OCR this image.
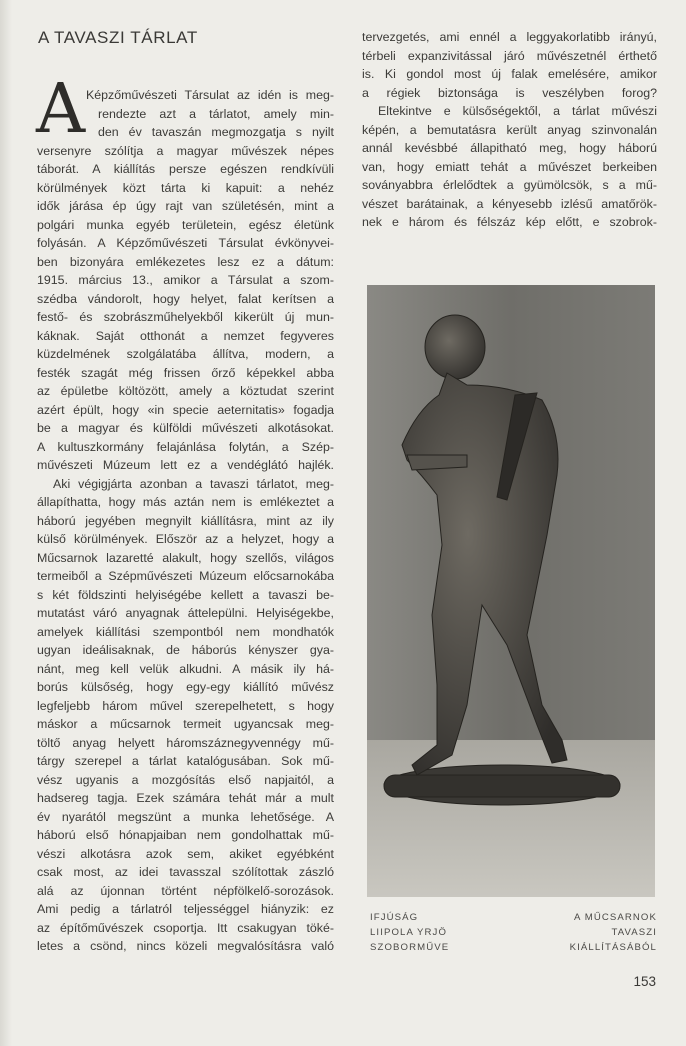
A TAVASZI TÁRLAT
A Képzőművészeti Társulat az idén is meg-
rendezte azt a tárlatot, amely min-
den év tavaszán megmozgatja s nyilt
versenyre szólítja a magyar művészek népes
táborát. A kiállítás persze egészen rendkívüli
körülmények közt tárta ki kapuit: a nehéz
idők járása ép úgy rajt van születésén, mint a
polgári munka egyéb területein, egész életünk
folyásán. A Képzőművészeti Társulat évkönyvei-
ben bizonyára emlékezetes lesz ez a dátum:
1915. március 13., amikor a Társulat a szom-
szédba vándorolt, hogy helyet, falat kerítsen a
festő- és szobrászműhelyekből kikerült új mun-
káknak. Saját otthonát a nemzet fegyveres
küzdelmének szolgálatába állítva, modern, a
festék szagát még frissen őrző képekkel abba
az épületbe költözött, amely a köztudat szerint
azért épült, hogy «in specie aeternitatis» fogadja
be a magyar és külföldi művészeti alkotásokat.
A kultuszkormány felajánlása folytán, a Szép-
művészeti Múzeum lett ez a vendéglátó hajlék.
Aki végigjárta azonban a tavaszi tárlatot, meg-
állapíthatta, hogy más aztán nem is emlékeztet a
háború jegyében megnyilt kiállításra, mint az ily
külső körülmények. Először az a helyzet, hogy a
Műcsarnok lazaretté alakult, hogy szellős, világos
termeiből a Szépművészeti Múzeum előcsarnokába
s két földszinti helyiségébe kellett a tavaszi be-
mutatást váró anyagnak áttelepülni. Helyiségekbe,
amelyek kiállítási szempontból nem mondhatók
ugyan ideálisaknak, de háborús kényszer gya-
nánt, meg kell velük alkudni. A másik ily há-
borús külsőség, hogy egy-egy kiállító művész
legfeljebb három művel szerepelhetett, s hogy
máskor a műcsarnok termeit ugyancsak meg-
töltő anyag helyett háromszáznegyvennégy mű-
tárgy szerepel a tárlat katalógusában. Sok mű-
vész ugyanis a mozgósítás első napjaitól, a
hadsereg tagja. Ezek számára tehát már a mult
év nyarától megszünt a munka lehetősége. A
háború első hónapjaiban nem gondolhattak mű-
vészi alkotásra azok sem, akiket egyébként
csak most, az idei tavasszal szólítottak zászló
alá az újonnan történt népfölkelő-sorozások.
Ami pedig a tárlatról teljességgel hiányzik: ez
az építőművészek csoportja. Itt csakugyan töké-
letes a csönd, nincs közeli megvalósításra való
tervezgetés, ami ennél a leggyakorlatibb irányú,
térbeli expanzivitással járó művészetnél érthető
is. Ki gondol most új falak emelésére, amikor
a régiek biztonsága is veszélyben forog?
Eltekintve e külsőségektől, a tárlat művészi
képén, a bemutatásra került anyag szinvonalán
annál kevésbbé állapitható meg, hogy háború
van, hogy emiatt tehát a művészet berkeiben
soványabbra érlelődtek a gyümölcsök, s a mű-
vészet barátainak, a kényesebb izlésű amatőrök-
nek e három és félszáz kép előtt, e szobrok-
IFJÚSÁG
LIIPOLA YRJÖ
SZOBORMŰVE
A MŰCSARNOK
TAVASZI
KIÁLLÍTÁSÁBÓL
153
